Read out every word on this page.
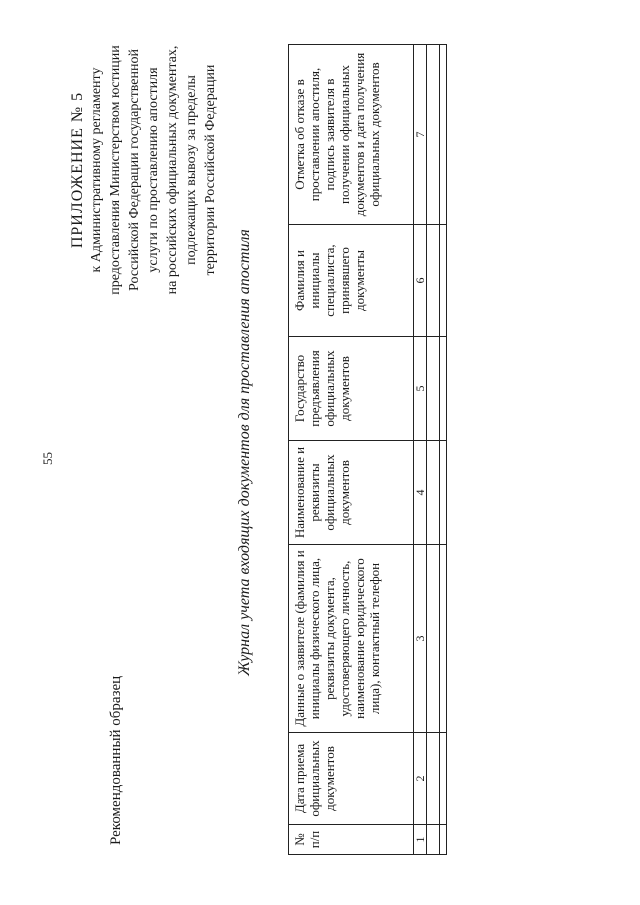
55
Рекомендованный образец
ПРИЛОЖЕНИЕ № 5 к Административному регламенту предоставления Министерством юстиции Российской Федерации государственной услуги по проставлению апостиля на российских официальных документах, подлежащих вывозу за пределы территории Российской Федерации
Журнал учета входящих документов для проставления апостиля
№ п/п	Дата приема официальных документов	Данные о заявителе (фамилия и инициалы физического лица, реквизиты документа, удостоверяющего личность, наименование юридического лица), контактный телефон	Наименование и реквизиты официальных документов	Государство предъявления официальных документов	Фамилия и инициалы специалиста, принявшего документы	Отметка об отказе в проставлении апостиля, подпись заявителя в получении официальных документов и дата получения официальных документов
1	2	3	4	5	6	7
